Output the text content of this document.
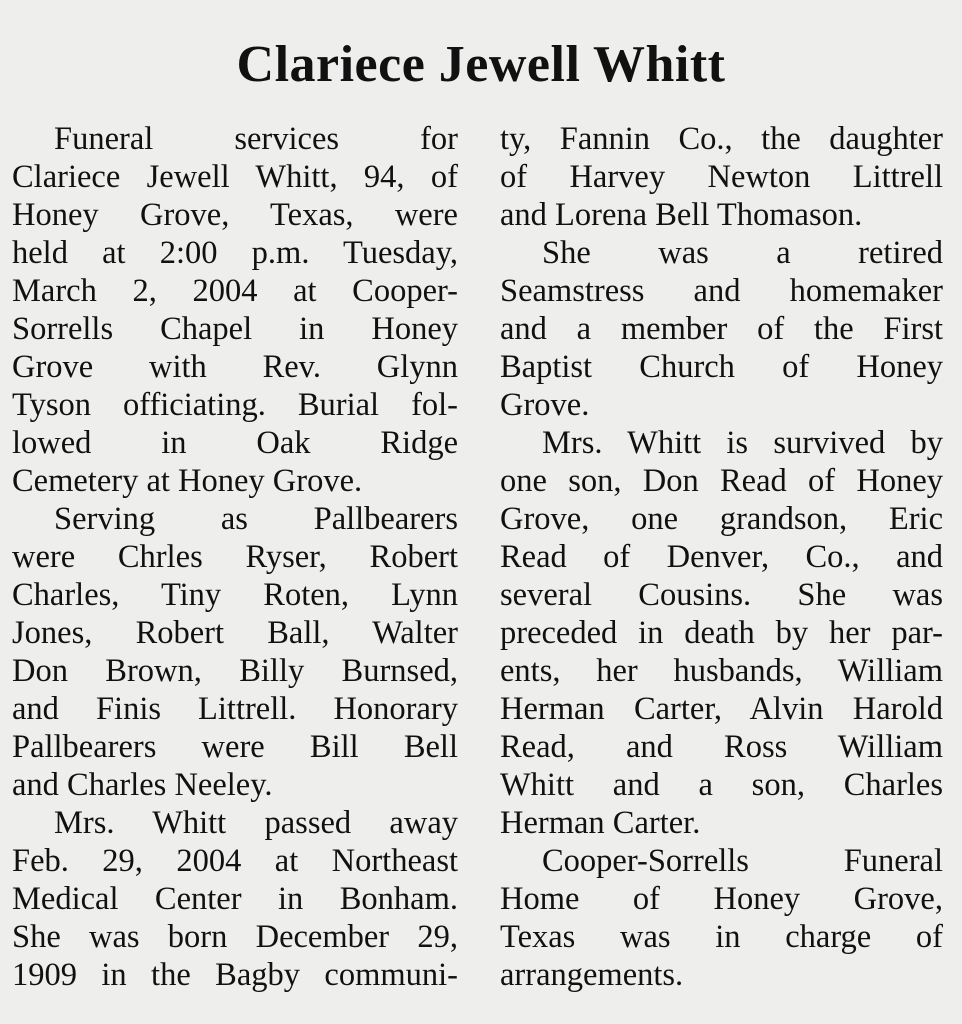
Clariece Jewell Whitt
Funeral services for
Clariece Jewell Whitt, 94, of
Honey Grove, Texas, were
held at 2:00 p.m. Tuesday,
March 2, 2004 at Cooper-
Sorrells Chapel in Honey
Grove with Rev. Glynn
Tyson officiating. Burial fol-
lowed in Oak Ridge
Cemetery at Honey Grove.
Serving as Pallbearers
were Chrles Ryser, Robert
Charles, Tiny Roten, Lynn
Jones, Robert Ball, Walter
Don Brown, Billy Burnsed,
and Finis Littrell. Honorary
Pallbearers were Bill Bell
and Charles Neeley.
Mrs. Whitt passed away
Feb. 29, 2004 at Northeast
Medical Center in Bonham.
She was born December 29,
1909 in the Bagby communi-
ty, Fannin Co., the daughter
of Harvey Newton Littrell
and Lorena Bell Thomason.
She was a retired
Seamstress and homemaker
and a member of the First
Baptist Church of Honey
Grove.
Mrs. Whitt is survived by
one son, Don Read of Honey
Grove, one grandson, Eric
Read of Denver, Co., and
several Cousins. She was
preceded in death by her par-
ents, her husbands, William
Herman Carter, Alvin Harold
Read, and Ross William
Whitt and a son, Charles
Herman Carter.
Cooper-Sorrells Funeral
Home of Honey Grove,
Texas was in charge of
arrangements.
